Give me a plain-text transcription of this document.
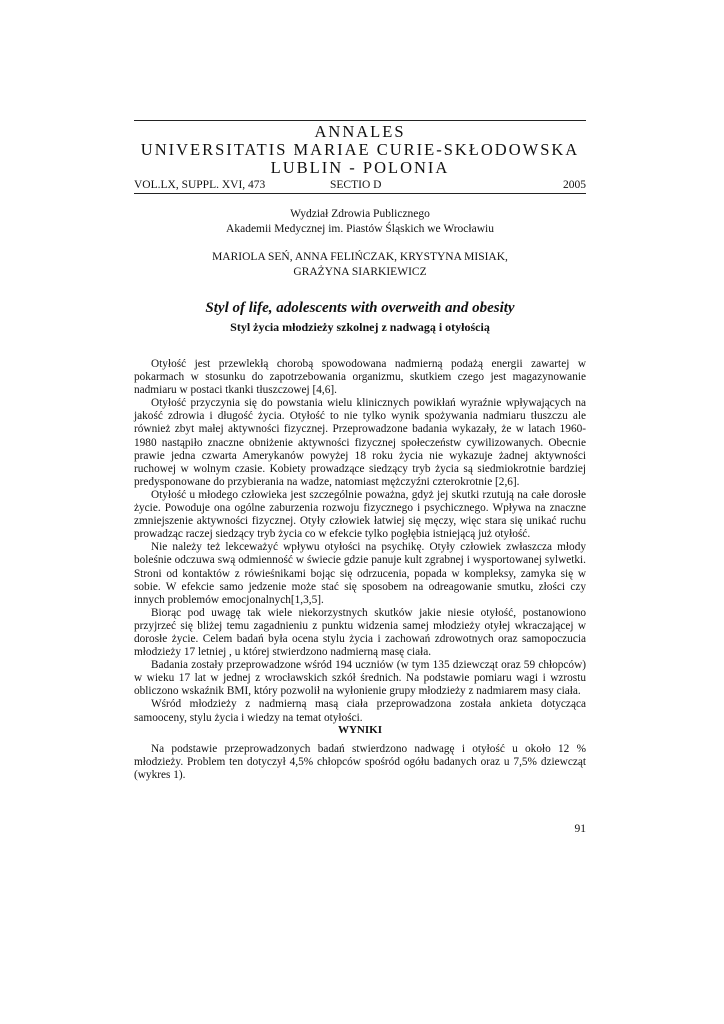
ANNALES
UNIVERSITATIS MARIAE CURIE-SKŁODOWSKA
LUBLIN - POLONIA
VOL.LX, SUPPL. XVI, 473	SECTIO D	2005
Wydział Zdrowia Publicznego
Akademii Medycznej im. Piastów Śląskich we Wrocławiu
MARIOLA SEŃ, ANNA FELIŃCZAK, KRYSTYNA MISIAK,
GRAŻYNA SIARKIEWICZ
Styl of life, adolescents with overweith and obesity
Styl życia młodzieży szkolnej z nadwagą i otyłością

Otyłość jest przewlekłą chorobą spowodowana nadmierną podażą energii zawartej w pokarmach w stosunku do zapotrzebowania organizmu, skutkiem czego jest magazynowanie nadmiaru w postaci tkanki tłuszczowej [4,6].

Otyłość przyczynia się do powstania wielu klinicznych powikłań wyraźnie wpływających na jakość zdrowia i długość życia. Otyłość to nie tylko wynik spożywania nadmiaru tłuszczu ale również zbyt małej aktywności fizycznej. Przeprowadzone badania wykazały, że w latach 1960-1980 nastąpiło znaczne obniżenie aktywności fizycznej społeczeństw cywilizowanych. Obecnie prawie jedna czwarta Amerykanów powyżej 18 roku życia nie wykazuje żadnej aktywności ruchowej w wolnym czasie. Kobiety prowadzące siedzący tryb życia są siedmiokrotnie bardziej predysponowane do przybierania na wadze, natomiast mężczyźni czterokrotnie [2,6].

Otyłość u młodego człowieka jest szczególnie poważna, gdyż jej skutki rzutują na całe dorosłe życie. Powoduje ona ogólne zaburzenia rozwoju fizycznego i psychicznego. Wpływa na znaczne zmniejszenie aktywności fizycznej. Otyły człowiek łatwiej się męczy, więc stara się unikać ruchu prowadząc raczej siedzący tryb życia co w efekcie tylko pogłębia istniejącą już otyłość.

Nie należy też lekceważyć wpływu otyłości na psychikę. Otyły człowiek zwłaszcza młody boleśnie odczuwa swą odmienność w świecie gdzie panuje kult zgrabnej i wysportowanej sylwetki. Stroni od kontaktów z rówieśnikami bojąc się odrzucenia, popada w kompleksy, zamyka się w sobie. W efekcie samo jedzenie może stać się sposobem na odreagowanie smutku, złości czy innych problemów emocjonalnych[1,3,5].

Biorąc pod uwagę tak wiele niekorzystnych skutków jakie niesie otyłość, postanowiono przyjrzeć się bliżej temu zagadnieniu z punktu widzenia samej młodzieży otyłej wkraczającej w dorosłe życie. Celem badań była ocena stylu życia i zachowań zdrowotnych oraz samopoczucia młodzieży 17 letniej , u której stwierdzono nadmierną masę ciała.

Badania zostały przeprowadzone wśród 194 uczniów (w tym 135 dziewcząt oraz 59 chłopców) w wieku 17 lat w jednej z wrocławskich szkół średnich. Na podstawie pomiaru wagi i wzrostu obliczono wskaźnik BMI, który pozwolił na wyłonienie grupy młodzieży z nadmiarem masy ciała.

Wśród młodzieży z nadmierną masą ciała przeprowadzona została ankieta dotycząca samooceny, stylu życia i wiedzy na temat otyłości.

WYNIKI

Na podstawie przeprowadzonych badań stwierdzono nadwagę i otyłość u około 12 % młodzieży. Problem ten dotyczył 4,5% chłopców spośród ogółu badanych oraz u 7,5% dziewcząt (wykres 1).

91
